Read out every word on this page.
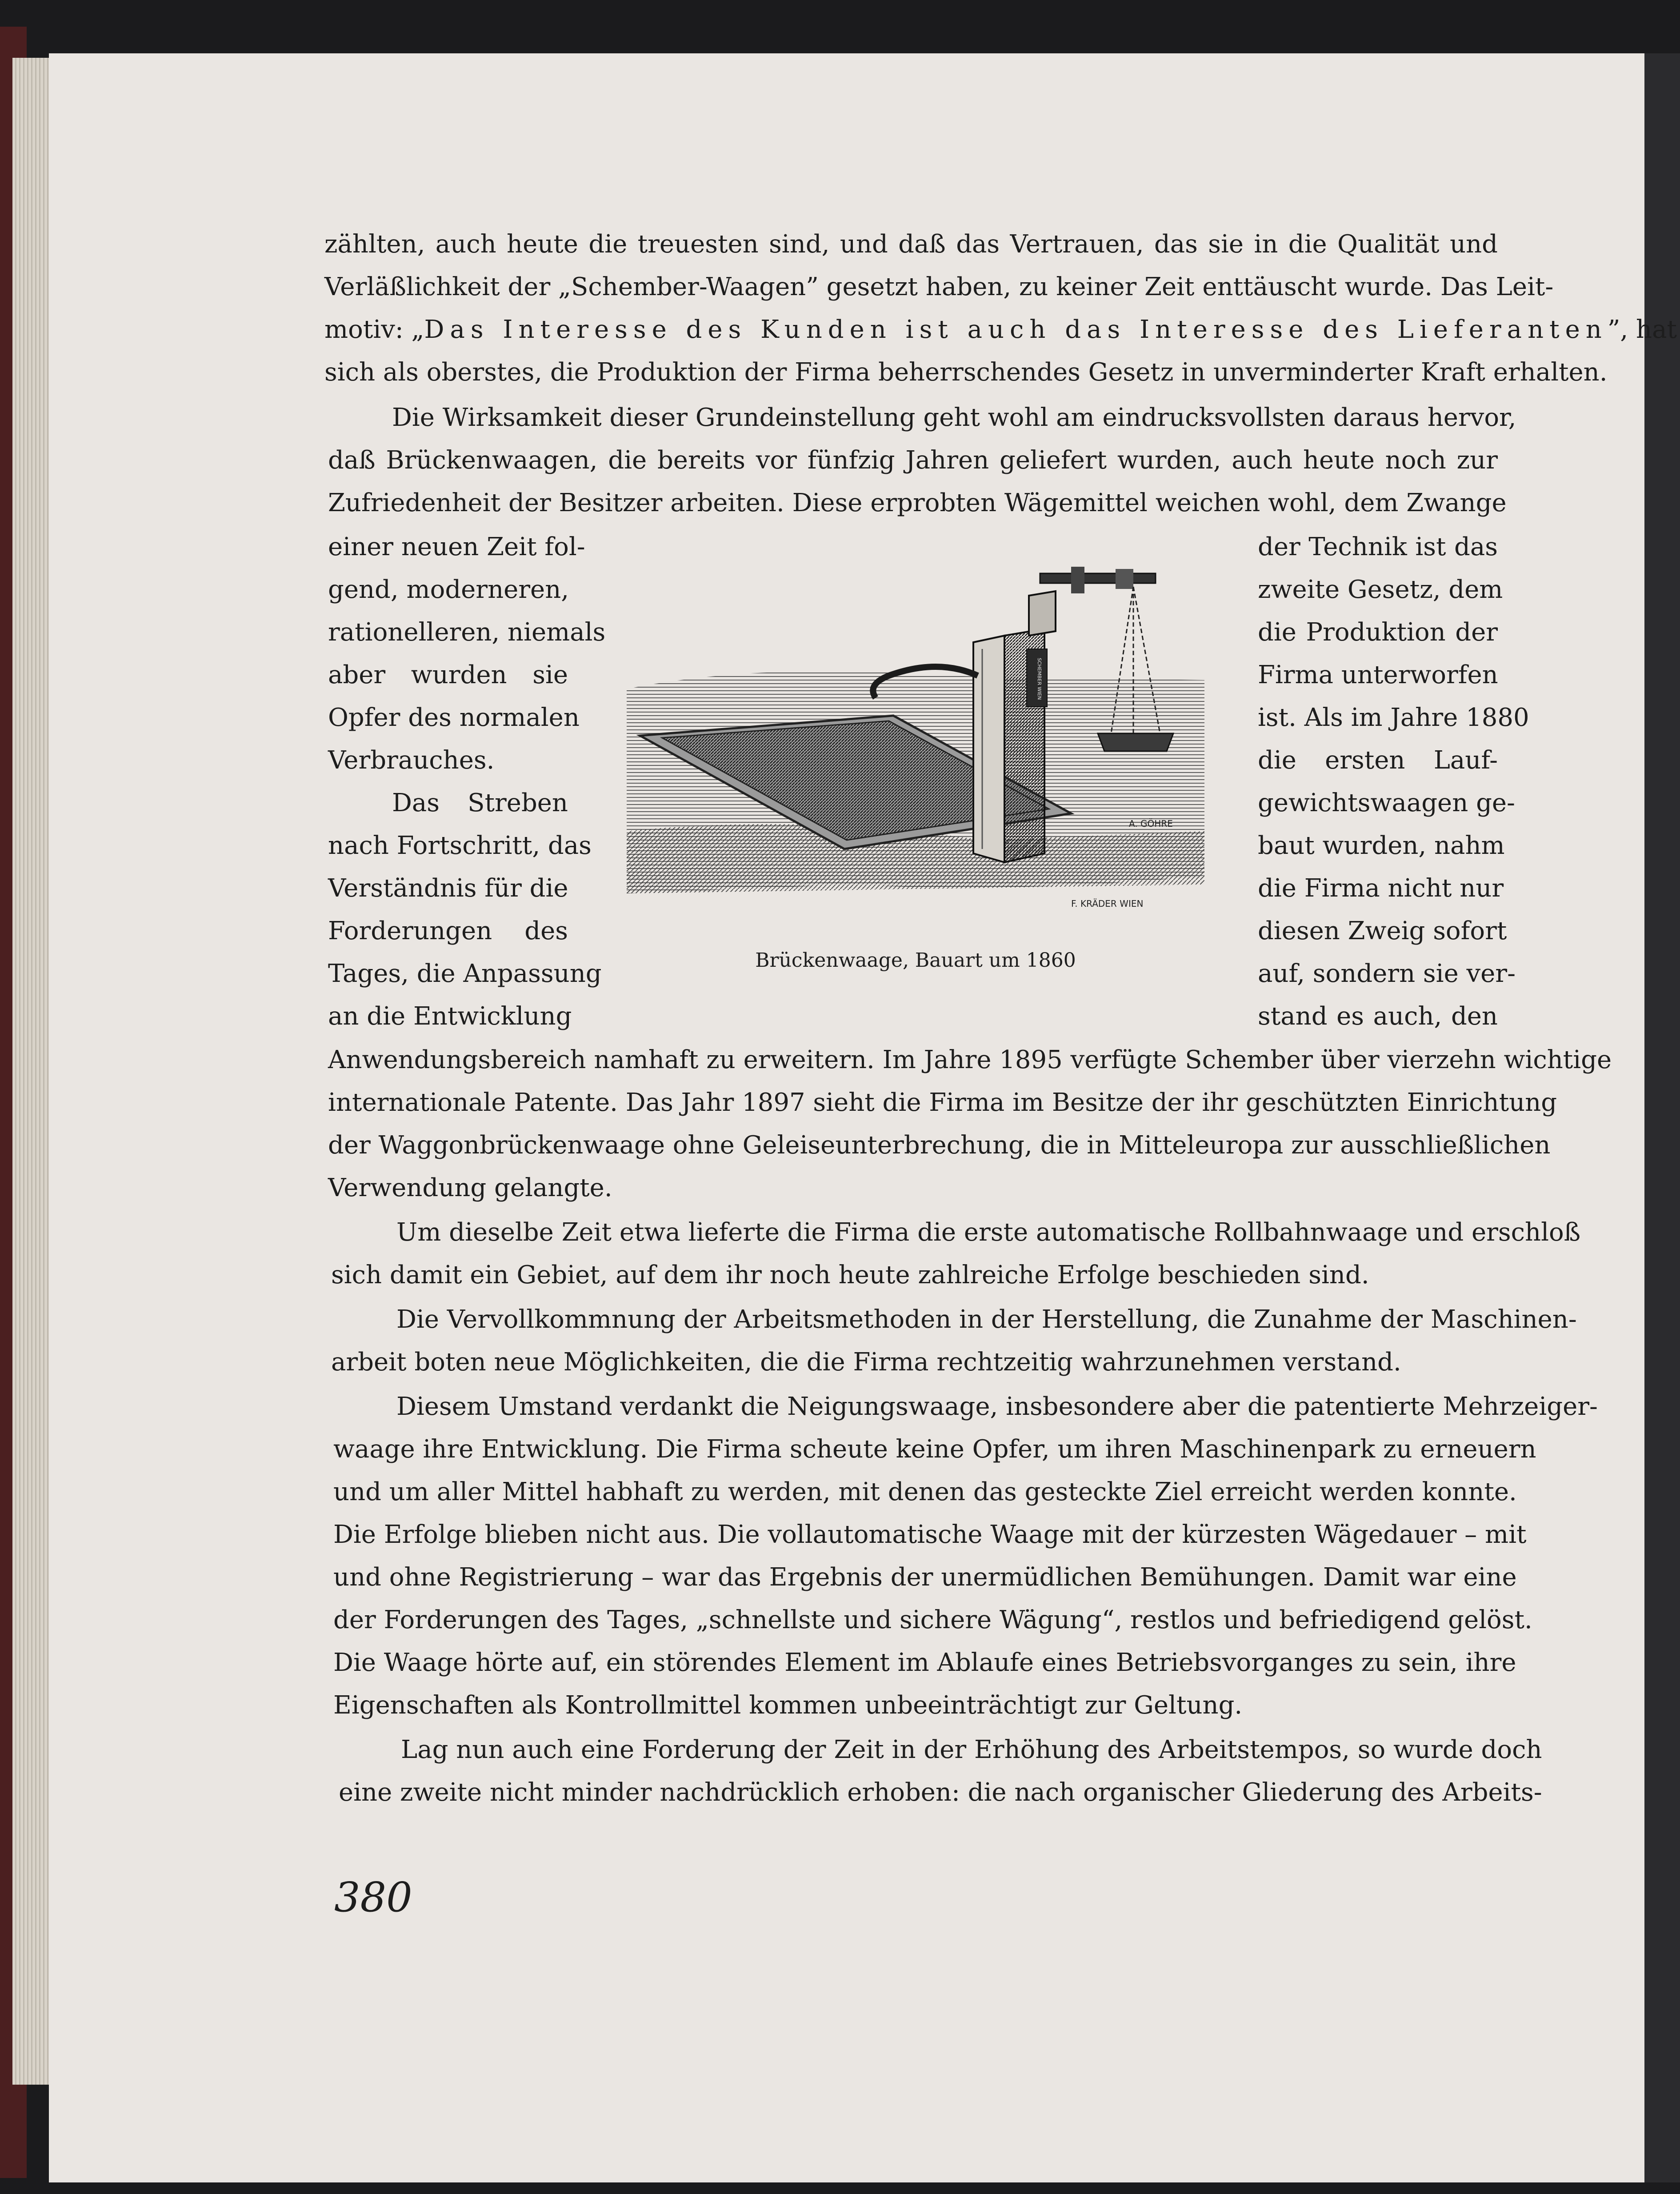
zählten, auch heute die treuesten sind, und daß das Vertrauen, das sie in die Qualität und
Verläßlichkeit der „Schember-Waagen” gesetzt haben, zu keiner Zeit enttäuscht wurde. Das Leit-
motiv: „ Das Interesse des Kunden ist auch das Interesse des Lieferanten ”, hat
sich als oberstes, die Produktion der Firma beherrschendes Gesetz in unverminderter Kraft erhalten.
Die Wirksamkeit dieser Grundeinstellung geht wohl am eindrucksvollsten daraus hervor,
daß Brückenwaagen, die bereits vor fünfzig Jahren geliefert wurden, auch heute noch zur
Zufriedenheit der Besitzer arbeiten. Diese erprobten Wägemittel weichen wohl, dem Zwange
einer neuen Zeit fol-
gend, moderneren,
rationelleren, niemals
aber wurden sie
Opfer des normalen
Verbrauches.
Das Streben
nach Fortschritt, das
Verständnis für die
Forderungen des
Tages, die Anpassung
an die Entwicklung
der Technik ist das
zweite Gesetz, dem
die Produktion der
Firma unterworfen
ist. Als im Jahre 1880
die ersten Lauf-
gewichtswaagen ge-
baut wurden, nahm
die Firma nicht nur
diesen Zweig sofort
auf, sondern sie ver-
stand es auch, den
Anwendungsbereich namhaft zu erweitern. Im Jahre 1895 verfügte Schember über vierzehn wichtige
internationale Patente. Das Jahr 1897 sieht die Firma im Besitze der ihr geschützten Einrichtung
der Waggonbrückenwaage ohne Geleiseunterbrechung, die in Mitteleuropa zur ausschließlichen
Verwendung gelangte.
Um dieselbe Zeit etwa lieferte die Firma die erste automatische Rollbahnwaage und erschloß
sich damit ein Gebiet, auf dem ihr noch heute zahlreiche Erfolge beschieden sind.
Die Vervollkommnung der Arbeitsmethoden in der Herstellung, die Zunahme der Maschinen-
arbeit boten neue Möglichkeiten, die die Firma rechtzeitig wahrzunehmen verstand.
Diesem Umstand verdankt die Neigungswaage, insbesondere aber die patentierte Mehrzeiger-
waage ihre Entwicklung. Die Firma scheute keine Opfer, um ihren Maschinenpark zu erneuern
und um aller Mittel habhaft zu werden, mit denen das gesteckte Ziel erreicht werden konnte.
Die Erfolge blieben nicht aus. Die vollautomatische Waage mit der kürzesten Wägedauer – mit
und ohne Registrierung – war das Ergebnis der unermüdlichen Bemühungen. Damit war eine
der Forderungen des Tages, „schnellste und sichere Wägung“, restlos und befriedigend gelöst.
Die Waage hörte auf, ein störendes Element im Ablaufe eines Betriebsvorganges zu sein, ihre
Eigenschaften als Kontrollmittel kommen unbeeinträchtigt zur Geltung.
Lag nun auch eine Forderung der Zeit in der Erhöhung des Arbeitstempos, so wurde doch
eine zweite nicht minder nachdrücklich erhoben: die nach organischer Gliederung des Arbeits-
A. GÖHRE
F. KRÄDER WIEN
SCHEMBER WIEN
Brückenwaage, Bauart um 1860
380
